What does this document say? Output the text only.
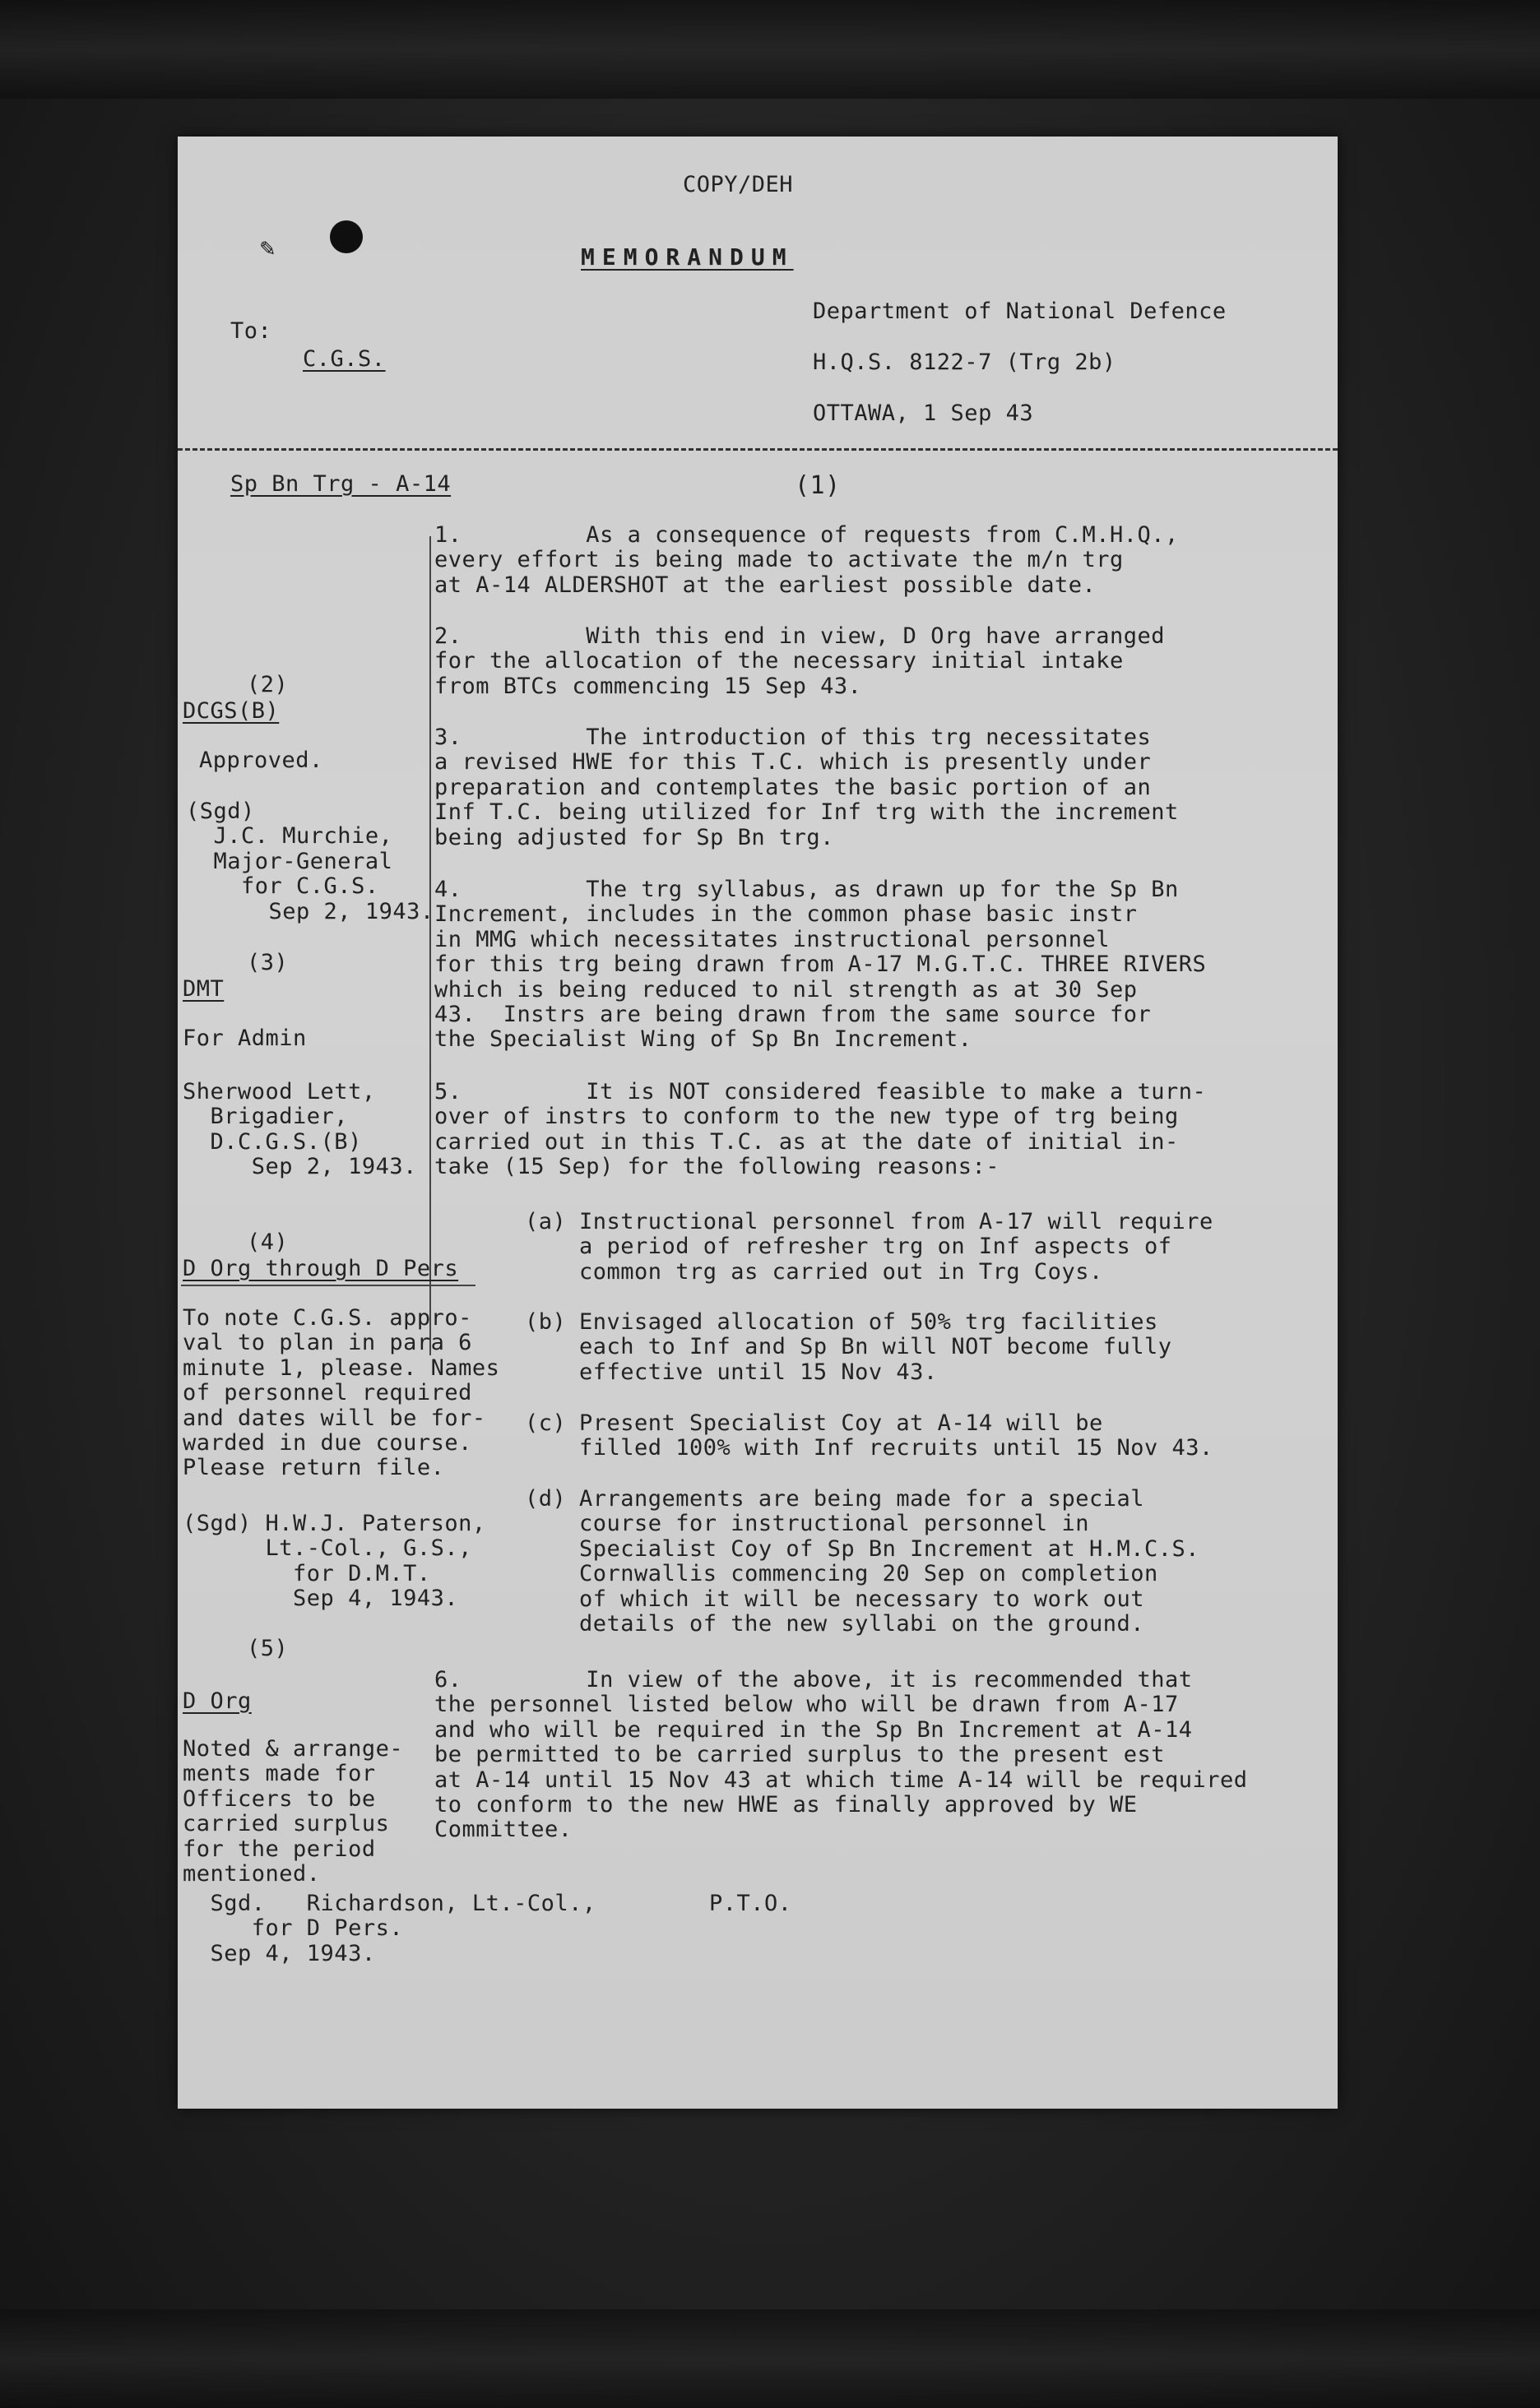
✎
COPY/DEH
MEMORANDUM
To:
C.G.S.
Department of National Defence
H.Q.S. 8122-7 (Trg 2b)
OTTAWA, 1 Sep 43
Sp Bn Trg - A-14	(1)
1.         As a consequence of requests from C.M.H.Q.,
every effort is being made to activate the m/n trg
at A-14 ALDERSHOT at the earliest possible date.
2.         With this end in view, D Org have arranged
for the allocation of the necessary initial intake
from BTCs commencing 15 Sep 43.
3.         The introduction of this trg necessitates
a revised HWE for this T.C. which is presently under
preparation and contemplates the basic portion of an
Inf T.C. being utilized for Inf trg with the increment
being adjusted for Sp Bn trg.
4.         The trg syllabus, as drawn up for the Sp Bn
Increment, includes in the common phase basic instr
in MMG which necessitates instructional personnel
for this trg being drawn from A-17 M.G.T.C. THREE RIVERS
which is being reduced to nil strength as at 30 Sep
43.  Instrs are being drawn from the same source for
the Specialist Wing of Sp Bn Increment.
5.         It is NOT considered feasible to make a turn-
over of instrs to conform to the new type of trg being
carried out in this T.C. as at the date of initial in-
take (15 Sep) for the following reasons:-
(a) Instructional personnel from A-17 will require
a period of refresher trg on Inf aspects of
common trg as carried out in Trg Coys.
(b) Envisaged allocation of 50% trg facilities
each to Inf and Sp Bn will NOT become fully
effective until 15 Nov 43.
(c) Present Specialist Coy at A-14 will be
filled 100% with Inf recruits until 15 Nov 43.
(d) Arrangements are being made for a special
course for instructional personnel in
Specialist Coy of Sp Bn Increment at H.M.C.S.
Cornwallis commencing 20 Sep on completion
of which it will be necessary to work out
details of the new syllabi on the ground.
6.         In view of the above, it is recommended that
the personnel listed below who will be drawn from A-17
and who will be required in the Sp Bn Increment at A-14
be permitted to be carried surplus to the present est
at A-14 until 15 Nov 43 at which time A-14 will be required
to conform to the new HWE as finally approved by WE
Committee.
P.T.O.
(2)
DCGS(B)
Approved.
(Sgd)
J.C. Murchie,
Major-General
for C.G.S.
Sep 2, 1943.
(3)
DMT
For Admin
Sherwood Lett,
Brigadier,
D.C.G.S.(B)
Sep 2, 1943.
(4)
D Org through D Pers
To note C.G.S. appro-
val to plan in para 6
minute 1, please. Names
of personnel required
and dates will be for-
warded in due course.
Please return file.
(Sgd) H.W.J. Paterson,
Lt.-Col., G.S.,
for D.M.T.
Sep 4, 1943.
(5)
D Org
Noted & arrange-
ments made for
Officers to be
carried surplus
for the period
mentioned.
Sgd.   Richardson, Lt.-Col.,
for D Pers.
Sep 4, 1943.
